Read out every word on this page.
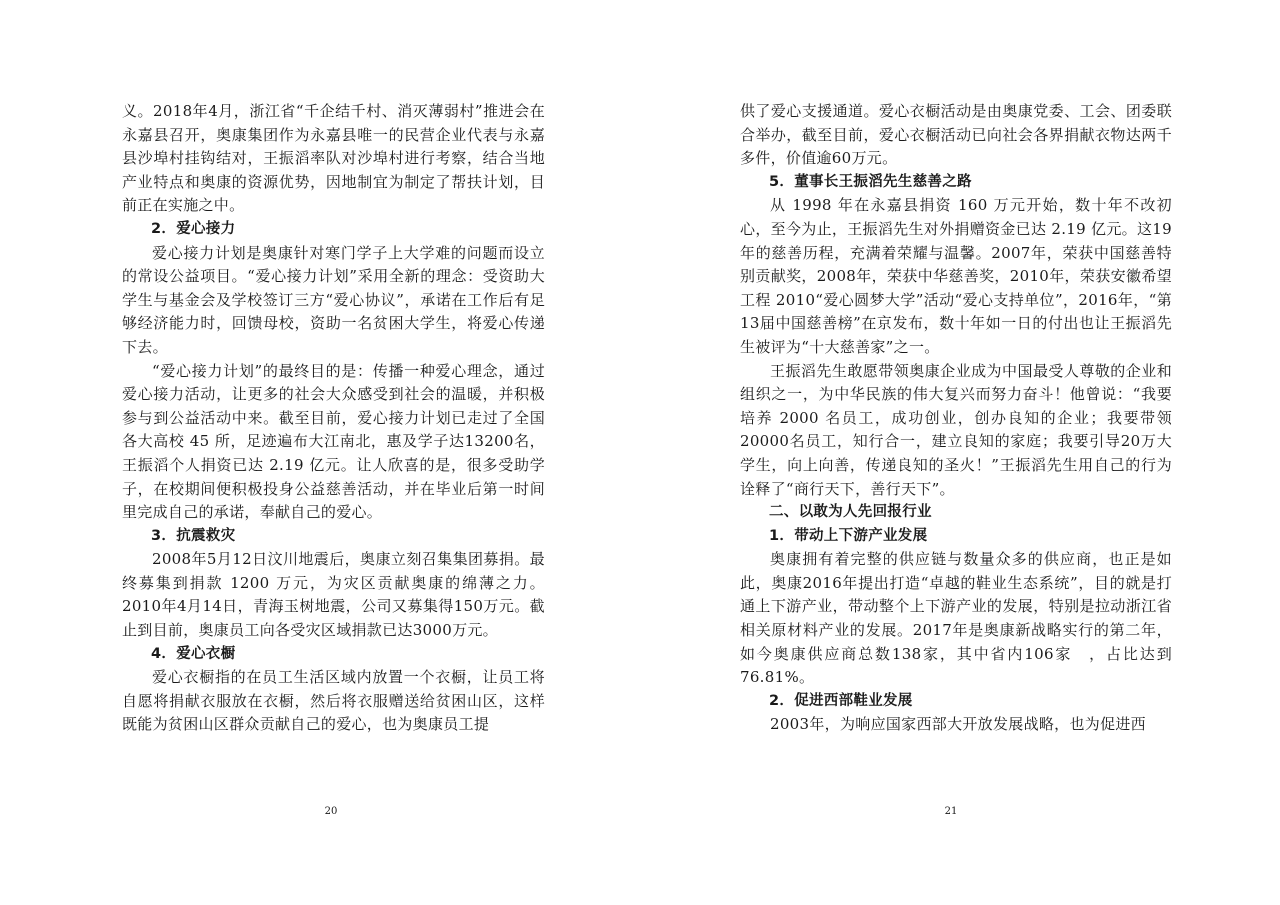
义。2018年4月，浙江省“千企结千村、消灭薄弱村”推进会在永嘉县召开，奥康集团作为永嘉县唯一的民营企业代表与永嘉县沙埠村挂钩结对，王振滔率队对沙埠村进行考察，结合当地产业特点和奥康的资源优势，因地制宜为制定了帮扶计划，目前正在实施之中。

2．爱心接力

爱心接力计划是奥康针对寒门学子上大学难的问题而设立的常设公益项目。“爱心接力计划”采用全新的理念：受资助大学生与基金会及学校签订三方“爱心协议”，承诺在工作后有足够经济能力时，回馈母校，资助一名贫困大学生，将爱心传递下去。

“爱心接力计划”的最终目的是：传播一种爱心理念，通过爱心接力活动，让更多的社会大众感受到社会的温暖，并积极参与到公益活动中来。截至目前，爱心接力计划已走过了全国各大高校 45 所，足迹遍布大江南北，惠及学子达13200名，王振滔个人捐资已达 2.19 亿元。让人欣喜的是，很多受助学子，在校期间便积极投身公益慈善活动，并在毕业后第一时间里完成自己的承诺，奉献自己的爱心。

3．抗震救灾

2008年5月12日汶川地震后，奥康立刻召集集团募捐。最终募集到捐款 1200 万元，为灾区贡献奥康的绵薄之力。2010年4月14日，青海玉树地震，公司又募集得150万元。截止到目前，奥康员工向各受灾区域捐款已达3000万元。

4．爱心衣橱

爱心衣橱指的在员工生活区域内放置一个衣橱，让员工将自愿将捐献衣服放在衣橱，然后将衣服赠送给贫困山区，这样既能为贫困山区群众贡献自己的爱心，也为奥康员工提

供了爱心支援通道。爱心衣橱活动是由奥康党委、工会、团委联合举办，截至目前，爱心衣橱活动已向社会各界捐献衣物达两千多件，价值逾60万元。

5．董事长王振滔先生慈善之路

从 1998 年在永嘉县捐资 160 万元开始，数十年不改初心，至今为止，王振滔先生对外捐赠资金已达 2.19 亿元。这19年的慈善历程，充满着荣耀与温馨。2007年，荣获中国慈善特别贡献奖，2008年，荣获中华慈善奖，2010年，荣获安徽希望工程 2010“爱心圆梦大学”活动“爱心支持单位”，2016年，“第13届中国慈善榜”在京发布，数十年如一日的付出也让王振滔先生被评为“十大慈善家”之一。

王振滔先生敢愿带领奥康企业成为中国最受人尊敬的企业和组织之一，为中华民族的伟大复兴而努力奋斗！他曾说：“我要培养 2000 名员工，成功创业，创办良知的企业；我要带领20000名员工，知行合一，建立良知的家庭；我要引导20万大学生，向上向善，传递良知的圣火！”王振滔先生用自己的行为诠释了“商行天下，善行天下”。

二、以敢为人先回报行业

1．带动上下游产业发展

奥康拥有着完整的供应链与数量众多的供应商，也正是如此，奥康2016年提出打造“卓越的鞋业生态系统”，目的就是打通上下游产业，带动整个上下游产业的发展，特别是拉动浙江省相关原材料产业的发展。2017年是奥康新战略实行的第二年，如今奥康供应商总数138家，其中省内106家　，占比达到76.81%。

2．促进西部鞋业发展

2003年，为响应国家西部大开放发展战略，也为促进西

20	21
